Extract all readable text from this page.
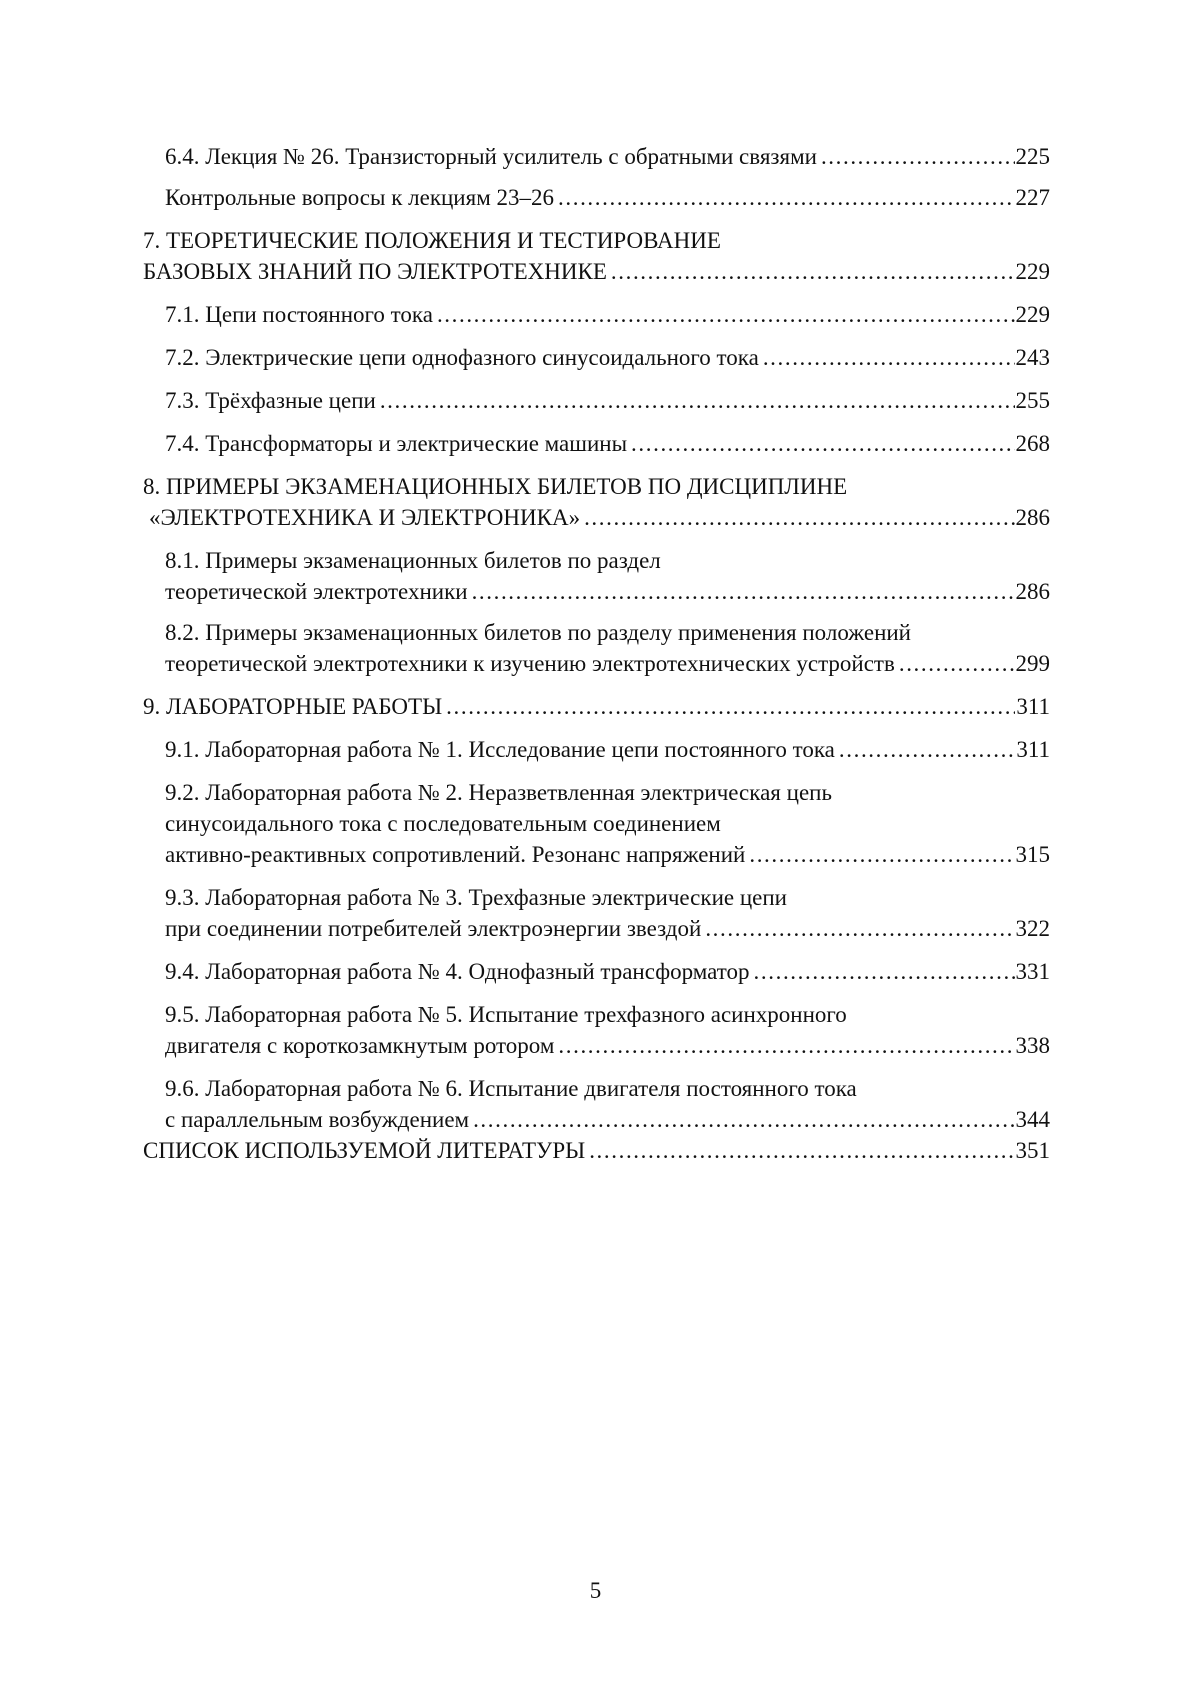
6.4. Лекция № 26. Транзисторный усилитель с обратными связями .....	225
Контрольные вопросы к лекциям 23–26 .....	227
7. ТЕОРЕТИЧЕСКИЕ ПОЛОЖЕНИЯ И ТЕСТИРОВАНИЕ
БАЗОВЫХ ЗНАНИЙ ПО ЭЛЕКТРОТЕХНИКЕ .....	229
7.1. Цепи постоянного тока .....	229
7.2. Электрические цепи однофазного синусоидального тока .....	243
7.3. Трёхфазные цепи .....	255
7.4. Трансформаторы и электрические машины .....	268
8. ПРИМЕРЫ ЭКЗАМЕНАЦИОННЫХ БИЛЕТОВ ПО ДИСЦИПЛИНЕ
«ЭЛЕКТРОТЕХНИКА И ЭЛЕКТРОНИКА» .....	286
8.1. Примеры экзаменационных билетов по раздел
теоретической электротехники .....	286
8.2. Примеры экзаменационных билетов по разделу применения положений
теоретической электротехники к изучению электротехнических устройств .....	299
9. ЛАБОРАТОРНЫЕ РАБОТЫ .....	311
9.1. Лабораторная работа № 1. Исследование цепи постоянного тока .....	311
9.2. Лабораторная работа № 2. Неразветвленная электрическая цепь
синусоидального тока с последовательным соединением
активно-реактивных сопротивлений. Резонанс напряжений .....	315
9.3. Лабораторная работа № 3. Трехфазные электрические цепи
при соединении потребителей электроэнергии звездой .....	322
9.4. Лабораторная работа № 4. Однофазный трансформатор .....	331
9.5. Лабораторная работа № 5. Испытание трехфазного асинхронного
двигателя с короткозамкнутым ротором .....	338
9.6. Лабораторная работа № 6. Испытание двигателя постоянного тока
с параллельным возбуждением .....	344
СПИСОК ИСПОЛЬЗУЕМОЙ ЛИТЕРАТУРЫ .....	351
5
